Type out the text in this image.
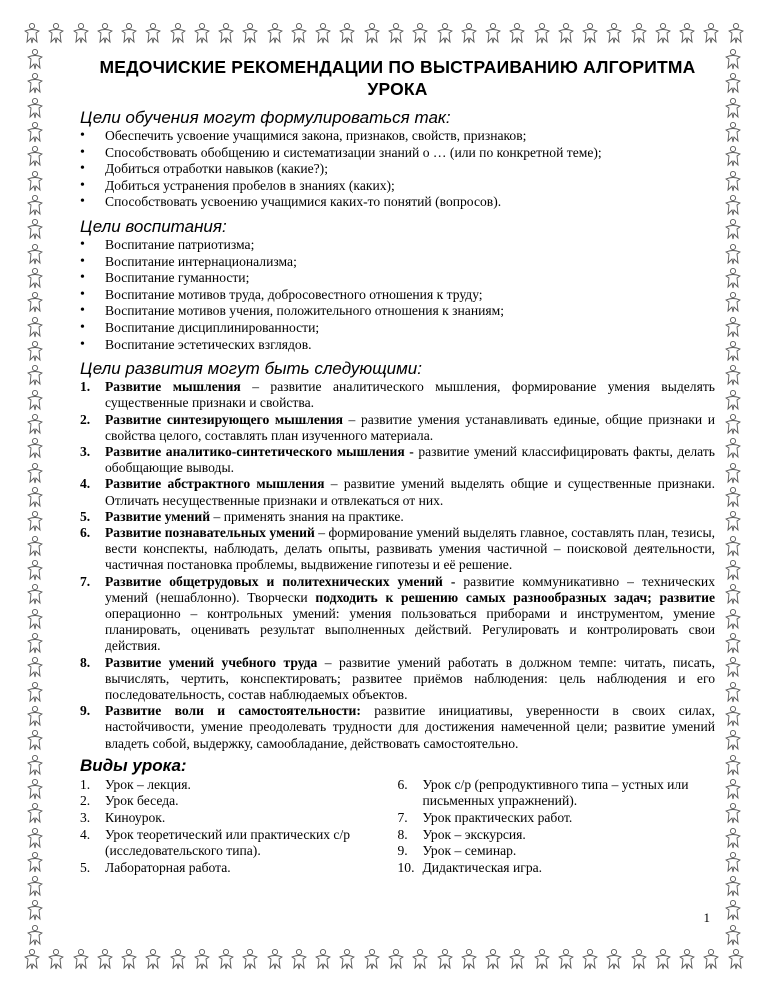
МЕДОЧИСКИЕ РЕКОМЕНДАЦИИ ПО ВЫСТРАИВАНИЮ АЛГОРИТМА УРОКА
Цели обучения могут формулироваться так:
• Обеспечить усвоение учащимися закона, признаков, свойств, признаков;
• Способствовать обобщению и систематизации знаний о … (или по конкретной теме);
• Добиться отработки навыков (какие?);
• Добиться устранения пробелов в знаниях (каких);
• Способствовать усвоению учащимися каких-то понятий (вопросов).
Цели воспитания:
• Воспитание патриотизма;
• Воспитание интернационализма;
• Воспитание гуманности;
• Воспитание мотивов труда, добросовестного отношения к труду;
• Воспитание мотивов учения, положительного отношения к знаниям;
• Воспитание дисциплинированности;
• Воспитание эстетических взглядов.
Цели развития могут быть следующими:
1. Развитие мышления – развитие аналитического мышления, формирование умения выделять существенные признаки и свойства.
2. Развитие синтезирующего мышления – развитие умения устанавливать единые, общие признаки и свойства целого, составлять план изученного материала.
3. Развитие аналитико-синтетического мышления - развитие умений классифицировать факты, делать обобщающие выводы.
4. Развитие абстрактного мышления – развитие умений выделять общие и существенные признаки. Отличать несущественные признаки и отвлекаться от них.
5. Развитие умений – применять знания на практике.
6. Развитие познавательных умений – формирование умений выделять главное, составлять план, тезисы, вести конспекты, наблюдать, делать опыты, развивать умения частичной – поисковой деятельности, частичная постановка проблемы, выдвижение гипотезы и её решение.
7. Развитие общетрудовых и политехнических умений - развитие коммуникативно – технических умений (нешаблонно). Творчески подходить к решению самых разнообразных задач; развитие операционно – контрольных умений: умения пользоваться приборами и инструментом, умение планировать, оценивать результат выполненных действий. Регулировать и контролировать свои действия.
8. Развитие умений учебного труда – развитие умений работать в должном темпе: читать, писать, вычислять, чертить, конспектировать; развитее приёмов наблюдения: цель наблюдения и его последовательность, состав наблюдаемых объектов.
9. Развитие воли и самостоятельности: развитие инициативы, уверенности в своих силах, настойчивости, умение преодолевать трудности для достижения намеченной цели; развитие умений владеть собой, выдержку, самообладание, действовать самостоятельно.
Виды урока:
1. Урок – лекция.
2. Урок беседа.
3. Киноурок.
4. Урок теоретический или практических с/р (исследовательского типа).
5. Лабораторная работа.
6. Урок с/р (репродуктивного типа – устных или письменных упражнений).
7. Урок практических работ.
8. Урок – экскурсия.
9. Урок – семинар.
10. Дидактическая игра.
1
